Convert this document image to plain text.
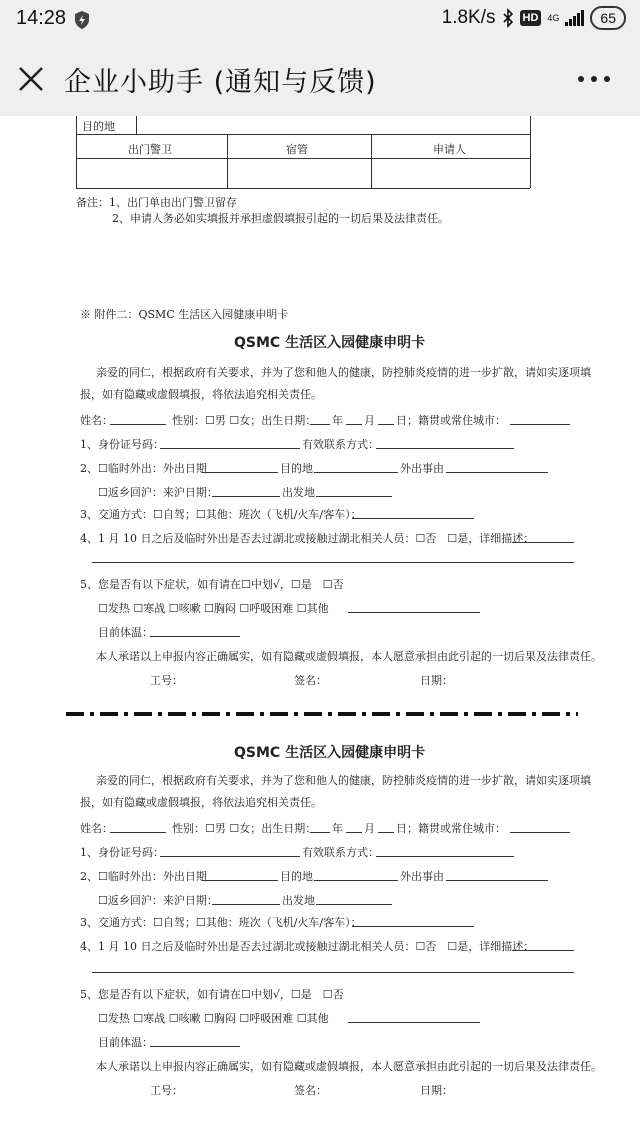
14:28	1.8K/s HD	4G	65
企业小助手 (通知与反馈)
目的地
出门警卫	宿管	申请人
备注：1、出门单由出门警卫留存
2、申请人务必如实填报并承担虚假填报引起的一切后果及法律责任。
※ 附件二：QSMC 生活区入园健康申明卡
QSMC 生活区入园健康申明卡
亲爱的同仁，根据政府有关要求，并为了您和他人的健康，防控肺炎疫情的进一步扩散，请如实逐项填
报，如有隐藏或虚假填报，将依法追究相关责任。
姓名：	性别：☐男 ☐女；出生日期： 年 月 日；籍贯或常住城市：
1、身份证号码：	有效联系方式：
2、☐临时外出：外出日期	目的地	外出事由
☐返乡回沪：来沪日期：	出发地
3、交通方式：☐自驾；☐其他：班次（飞机/火车/客车）：
4、1 月 10 日之后及临时外出是否去过湖北或接触过湖北相关人员：☐否　☐是，详细描述：
5、您是否有以下症状，如有请在☐中划√，☐是　☐否
☐发热 ☐寒战 ☐咳嗽 ☐胸闷 ☐呼吸困难 ☐其他
目前体温：
本人承诺以上申报内容正确属实，如有隐藏或虚假填报，本人愿意承担由此引起的一切后果及法律责任。
工号：	签名：	日期：
QSMC 生活区入园健康申明卡
亲爱的同仁，根据政府有关要求，并为了您和他人的健康，防控肺炎疫情的进一步扩散，请如实逐项填
报，如有隐藏或虚假填报，将依法追究相关责任。
姓名：	性别：☐男 ☐女；出生日期： 年 月 日；籍贯或常住城市：
1、身份证号码：	有效联系方式：
2、☐临时外出：外出日期	目的地	外出事由
☐返乡回沪：来沪日期：	出发地
3、交通方式：☐自驾；☐其他：班次（飞机/火车/客车）：
4、1 月 10 日之后及临时外出是否去过湖北或接触过湖北相关人员：☐否　☐是，详细描述：
5、您是否有以下症状，如有请在☐中划√，☐是　☐否
☐发热 ☐寒战 ☐咳嗽 ☐胸闷 ☐呼吸困难 ☐其他
目前体温：
本人承诺以上申报内容正确属实，如有隐藏或虚假填报，本人愿意承担由此引起的一切后果及法律责任。
工号：	签名：	日期：
